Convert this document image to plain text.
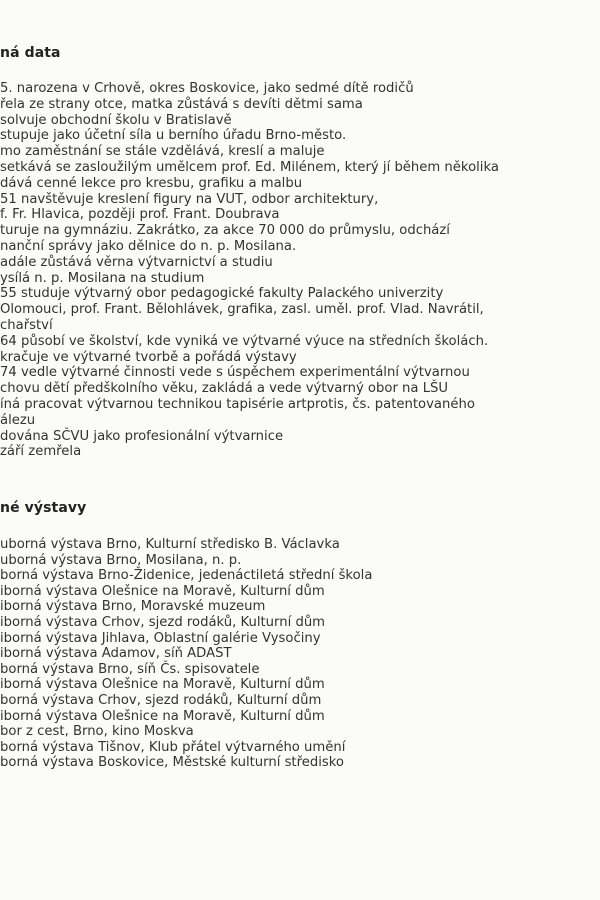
ná data
5. narozena v Crhově, okres Boskovice, jako sedmé dítě rodičů
řela ze strany otce, matka zůstává s devíti dětmi sama
solvuje obchodní školu v Bratislavě
stupuje jako účetní síla u berního úřadu Brno-město.
mo zaměstnání se stále vzdělává, kreslí a maluje
setkává se zasloužilým umělcem prof. Ed. Milénem, který jí během několika
dává cenné lekce pro kresbu, grafiku a malbu
51 navštěvuje kreslení figury na VUT, odbor architektury,
f. Fr. Hlavica, později prof. Frant. Doubrava
turuje na gymnáziu. Zakrátko, za akce 70 000 do průmyslu, odchází
nanční správy jako dělnice do n. p. Mosilana.
adále zůstává věrna výtvarnictví a studiu
ysílá n. p. Mosilana na studium
55 studuje výtvarný obor pedagogické fakulty Palackého univerzity
Olomouci, prof. Frant. Bělohlávek, grafika, zasl. uměl. prof. Vlad. Navrátil,
chařství
64 působí ve školství, kde vyniká ve výtvarné výuce na středních školách.
kračuje ve výtvarné tvorbě a pořádá výstavy
74 vedle výtvarné činnosti vede s úspěchem experimentální výtvarnou
chovu dětí předškolního věku, zakládá a vede výtvarný obor na LŠU
íná pracovat výtvarnou technikou tapisérie artprotis, čs. patentovaného
álezu
dována SČVU jako profesionální výtvarnice
září zemřela
né výstavy
uborná výstava Brno, Kulturní středisko B. Václavka
uborná výstava Brno, Mosilana, n. p.
borná výstava Brno-Židenice, jedenáctiletá střední škola
iborná výstava Olešnice na Moravě, Kulturní dům
iborná výstava Brno, Moravské muzeum
iborná výstava Crhov, sjezd rodáků, Kulturní dům
iborná výstava Jihlava, Oblastní galérie Vysočiny
iborná výstava Adamov, síň ADAST
borná výstava Brno, síň Čs. spisovatele
iborná výstava Olešnice na Moravě, Kulturní dům
borná výstava Crhov, sjezd rodáků, Kulturní dům
iborná výstava Olešnice na Moravě, Kulturní dům
bor z cest, Brno, kino Moskva
borná výstava Tišnov, Klub přátel výtvarného umění
borná výstava Boskovice, Městské kulturní středisko
